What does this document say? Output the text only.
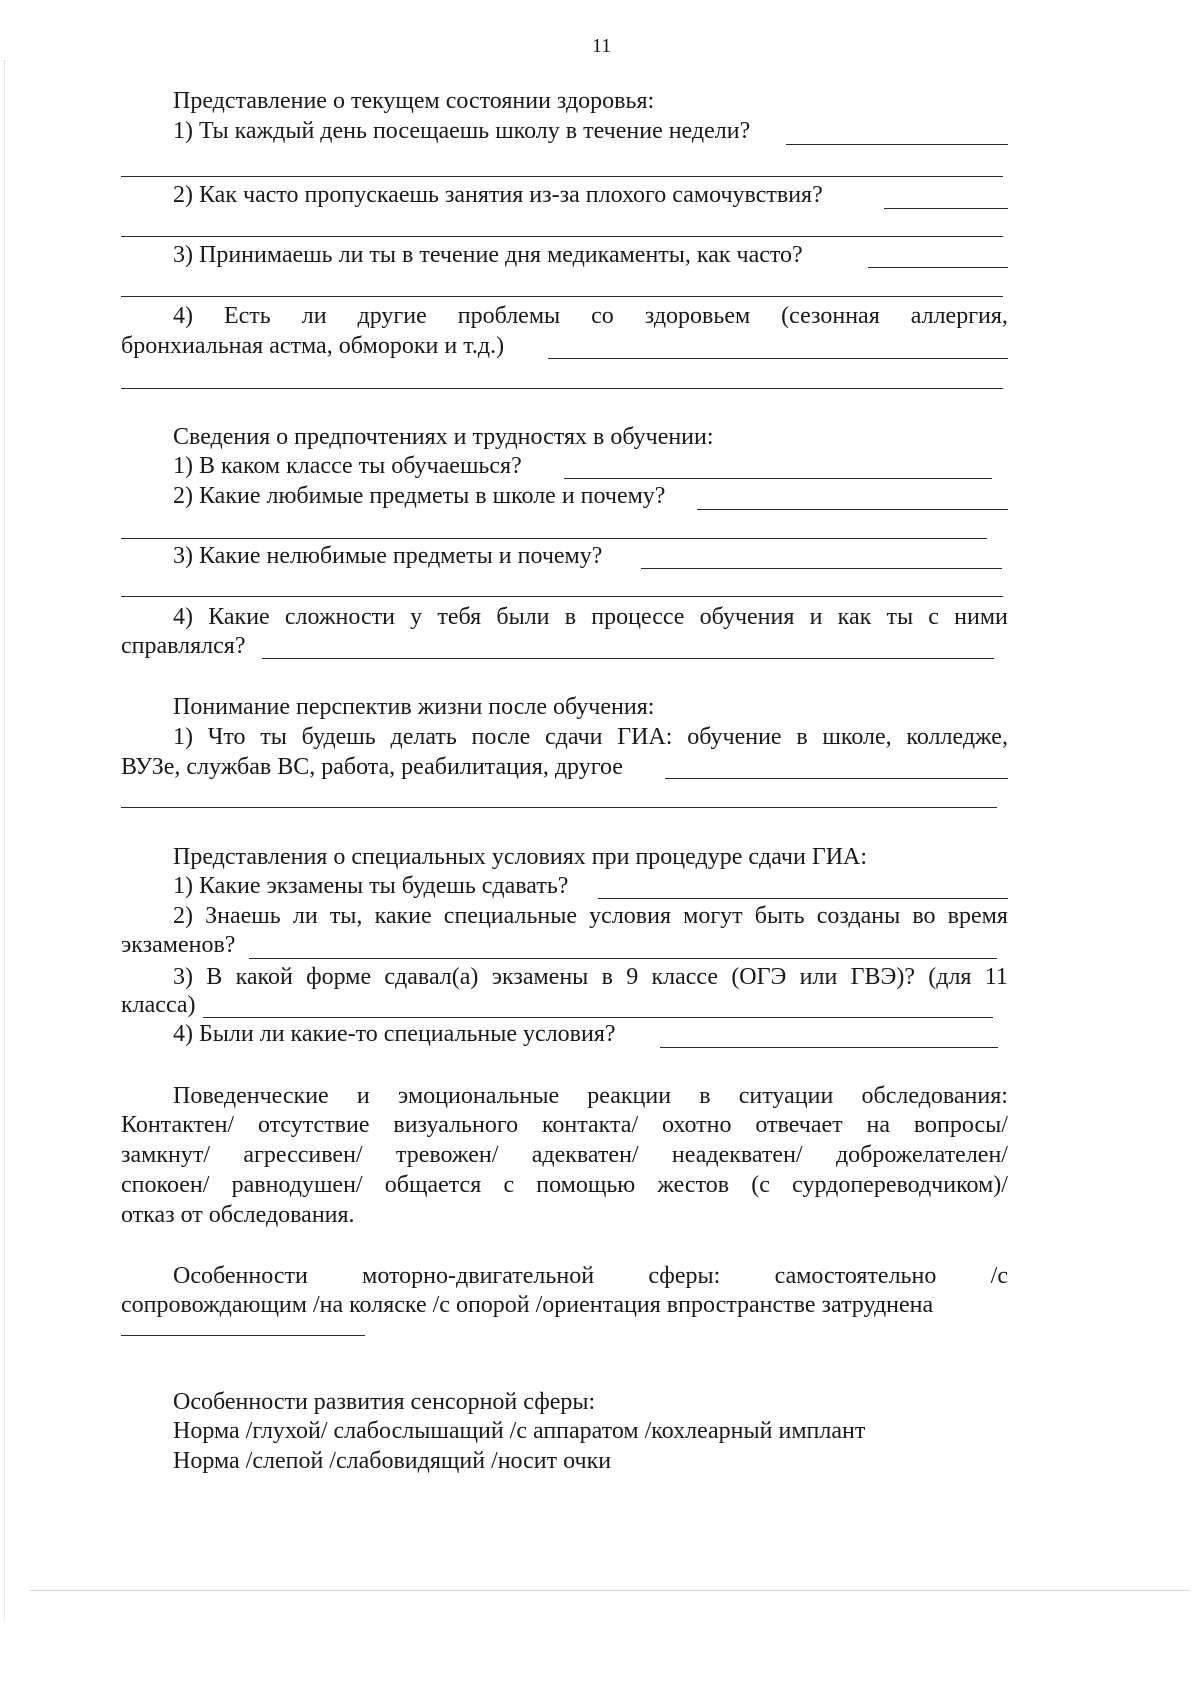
11
Представление о текущем состоянии здоровья:
1) Ты каждый день посещаешь школу в течение недели?
2) Как часто пропускаешь занятия из-за плохого самочувствия?
3) Принимаешь ли ты в течение дня медикаменты, как часто?
4) Есть ли другие проблемы со здоровьем (сезонная аллергия,
бронхиальная астма, обмороки и т.д.)
Сведения о предпочтениях и трудностях в обучении:
1) В каком классе ты обучаешься?
2) Какие любимые предметы в школе и почему?
3) Какие нелюбимые предметы и почему?
4) Какие сложности у тебя были в процессе обучения и как ты с ними
справлялся?
Понимание перспектив жизни после обучения:
1) Что ты будешь делать после сдачи ГИА: обучение в школе, колледже,
ВУЗе, службав ВС, работа, реабилитация, другое
Представления о специальных условиях при процедуре сдачи ГИА:
1) Какие экзамены ты будешь сдавать?
2) Знаешь ли ты, какие специальные условия могут быть созданы во время
экзаменов?
3) В какой форме сдавал(а) экзамены в 9 классе (ОГЭ или ГВЭ)? (для 11
класса)
4) Были ли какие-то специальные условия?
Поведенческие и эмоциональные реакции в ситуации обследования:
Контактен/ отсутствие визуального контакта/ охотно отвечает на вопросы/
замкнут/ агрессивен/ тревожен/ адекватен/ неадекватен/ доброжелателен/
спокоен/ равнодушен/ общается с помощью жестов (с сурдопереводчиком)/
отказ от обследования.
Особенности моторно-двигательной сферы: самостоятельно /с
сопровождающим /на коляске /с опорой /ориентация впространстве затруднена
Особенности развития сенсорной сферы:
Норма /глухой/ слабослышащий /с аппаратом /кохлеарный имплант
Норма /слепой /слабовидящий /носит очки
